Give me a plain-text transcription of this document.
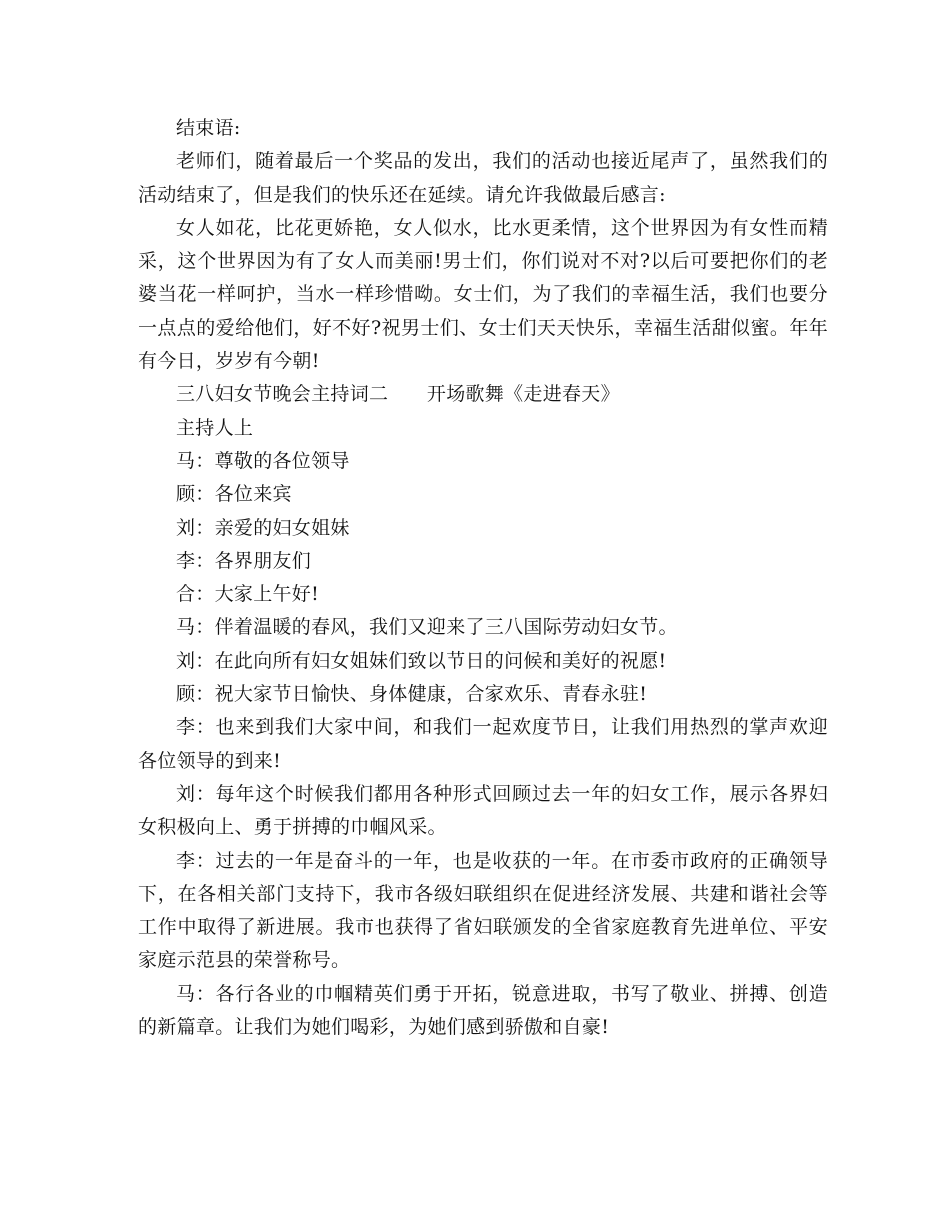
结束语:

老师们，随着最后一个奖品的发出，我们的活动也接近尾声了，虽然我们的活动结束了，但是我们的快乐还在延续。请允许我做最后感言:

女人如花，比花更娇艳，女人似水，比水更柔情，这个世界因为有女性而精采，这个世界因为有了女人而美丽!男士们，你们说对不对?以后可要把你们的老婆当花一样呵护，当水一样珍惜呦。女士们，为了我们的幸福生活，我们也要分一点点的爱给他们，好不好?祝男士们、女士们天天快乐，幸福生活甜似蜜。年年有今日，岁岁有今朝!

三八妇女节晚会主持词二　　开场歌舞《走进春天》

主持人上

马：尊敬的各位领导

顾：各位来宾

刘：亲爱的妇女姐妹

李：各界朋友们

合：大家上午好!

马：伴着温暖的春风，我们又迎来了三八国际劳动妇女节。

刘：在此向所有妇女姐妹们致以节日的问候和美好的祝愿!

顾：祝大家节日愉快、身体健康，合家欢乐、青春永驻!

李：也来到我们大家中间，和我们一起欢度节日，让我们用热烈的掌声欢迎各位领导的到来!

刘：每年这个时候我们都用各种形式回顾过去一年的妇女工作，展示各界妇女积极向上、勇于拼搏的巾帼风采。

李：过去的一年是奋斗的一年，也是收获的一年。在市委市政府的正确领导下，在各相关部门支持下，我市各级妇联组织在促进经济发展、共建和谐社会等工作中取得了新进展。我市也获得了省妇联颁发的全省家庭教育先进单位、平安家庭示范县的荣誉称号。

马：各行各业的巾帼精英们勇于开拓，锐意进取，书写了敬业、拼搏、创造的新篇章。让我们为她们喝彩，为她们感到骄傲和自豪!
